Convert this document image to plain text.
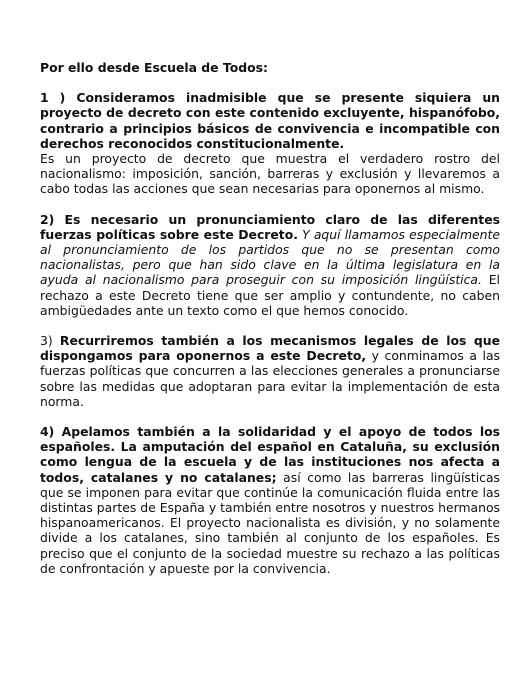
Por ello desde Escuela de Todos:

1 ) Consideramos inadmisible que se presente siquiera un proyecto de decreto con este contenido excluyente, hispanófobo, contrario a principios básicos de convivencia e incompatible con derechos reconocidos constitucionalmente.
Es un proyecto de decreto que muestra el verdadero rostro del nacionalismo: imposición, sanción, barreras y exclusión y llevaremos a cabo todas las acciones que sean necesarias para oponernos al mismo.

2) Es necesario un pronunciamiento claro de las diferentes fuerzas políticas sobre este Decreto. Y aquí llamamos especialmente al pronunciamiento de los partidos que no se presentan como nacionalistas, pero que han sido clave en la última legislatura en la ayuda al nacionalismo para proseguir con su imposición lingüística. El rechazo a este Decreto tiene que ser amplio y contundente, no caben ambigüedades ante un texto como el que hemos conocido.

3) Recurriremos también a los mecanismos legales de los que dispongamos para oponernos a este Decreto, y conminamos a las fuerzas políticas que concurren a las elecciones generales a pronunciarse sobre las medidas que adoptaran para evitar la implementación de esta norma.

4) Apelamos también a la solidaridad y el apoyo de todos los españoles. La amputación del español en Cataluña, su exclusión como lengua de la escuela y de las instituciones nos afecta a todos, catalanes y no catalanes; así como las barreras lingüísticas que se imponen para evitar que continúe la comunicación fluida entre las distintas partes de España y también entre nosotros y nuestros hermanos hispanoamericanos. El proyecto nacionalista es división, y no solamente divide a los catalanes, sino también al conjunto de los españoles. Es preciso que el conjunto de la sociedad muestre su rechazo a las políticas de confrontación y apueste por la convivencia.
